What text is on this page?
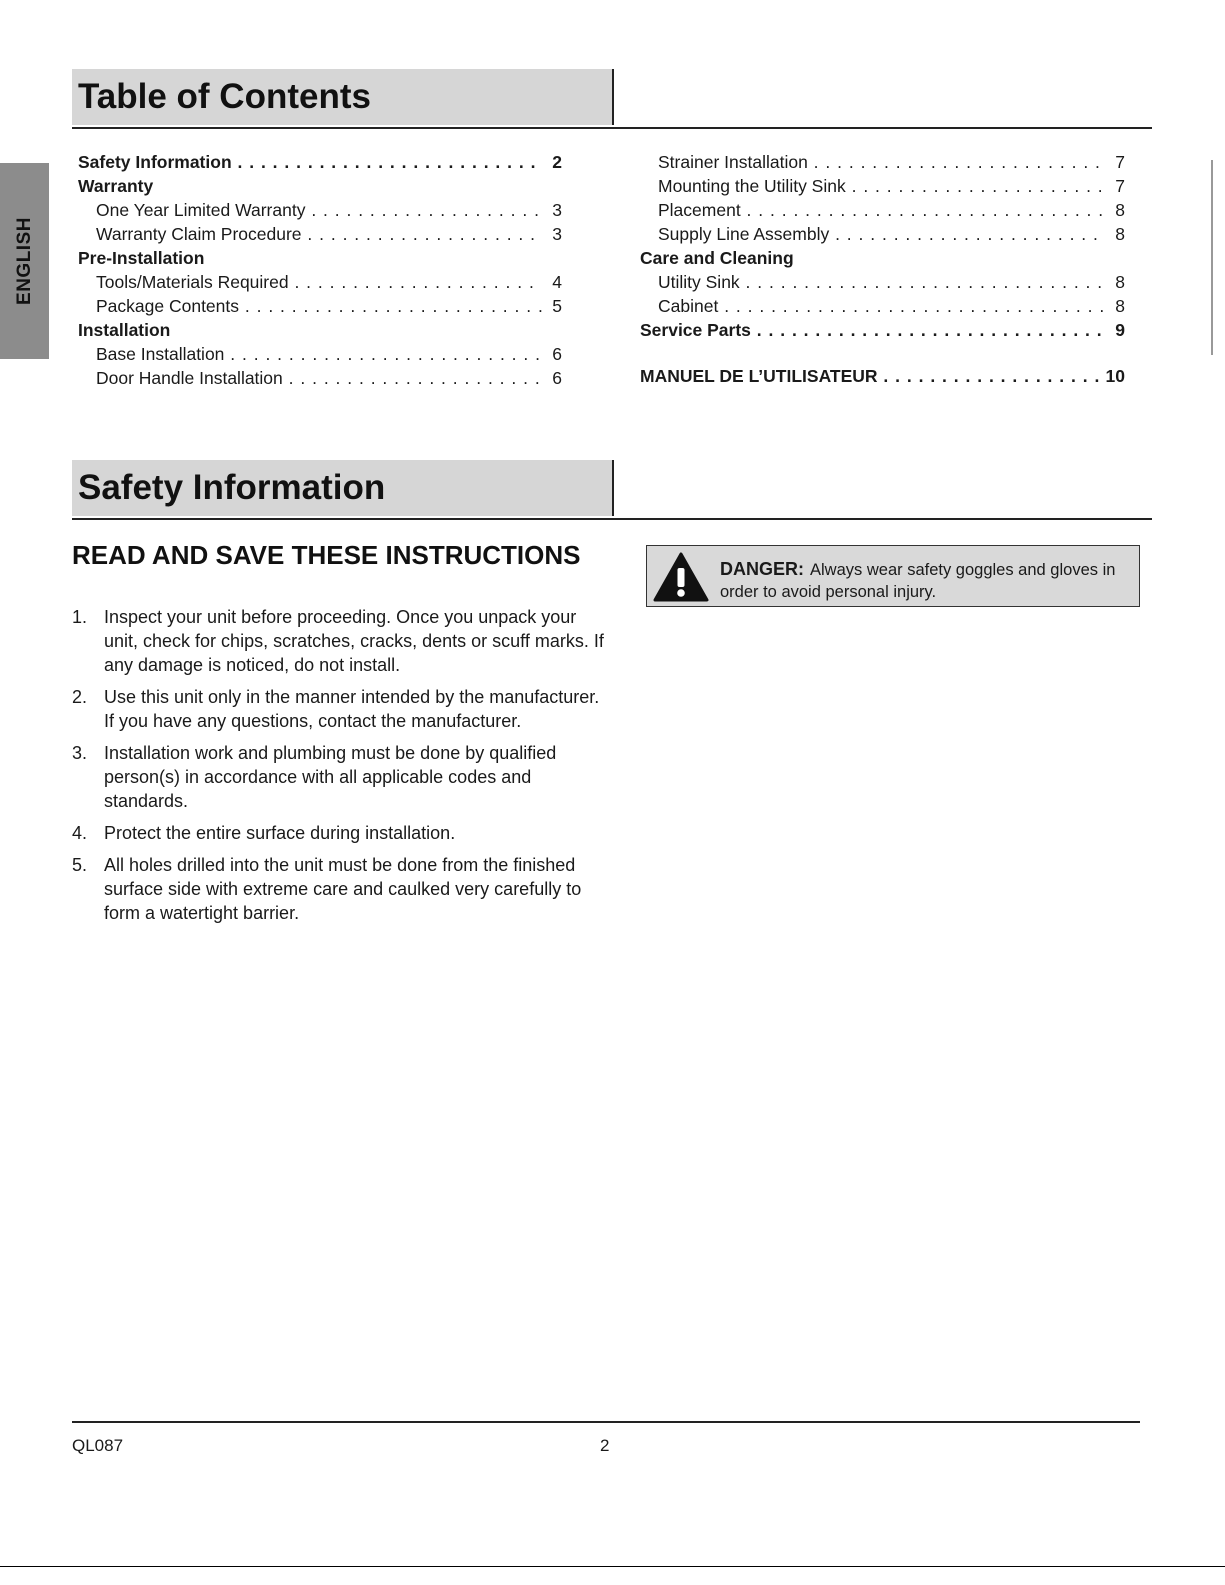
ENGLISH
Table of Contents
Safety Information . . .	2
Warranty
One Year Limited Warranty . . .	3
Warranty Claim Procedure . . .	3
Pre-Installation
Tools/Materials Required . . .	4
Package Contents . . .	5
Installation
Base Installation . . .	6
Door Handle Installation . . .	6
Strainer Installation . . .	7
Mounting the Utility Sink . . .	7
Placement . . .	8
Supply Line Assembly . . .	8
Care and Cleaning
Utility Sink . . .	8
Cabinet . . .	8
Service Parts . . .	9
MANUEL DE L’UTILISATEUR . . .	10
Safety Information
READ AND SAVE THESE INSTRUCTIONS
1. Inspect your unit before proceeding. Once you unpack your unit, check for chips, scratches, cracks, dents or scuff marks. If any damage is noticed, do not install.
2. Use this unit only in the manner intended by the manufacturer. If you have any questions, contact the manufacturer.
3. Installation work and plumbing must be done by qualified person(s) in accordance with all applicable codes and standards.
4. Protect the entire surface during installation.
5. All holes drilled into the unit must be done from the finished surface side with extreme care and caulked very carefully to form a watertight barrier.
DANGER: Always wear safety goggles and gloves in order to avoid personal injury.
QL087	2
